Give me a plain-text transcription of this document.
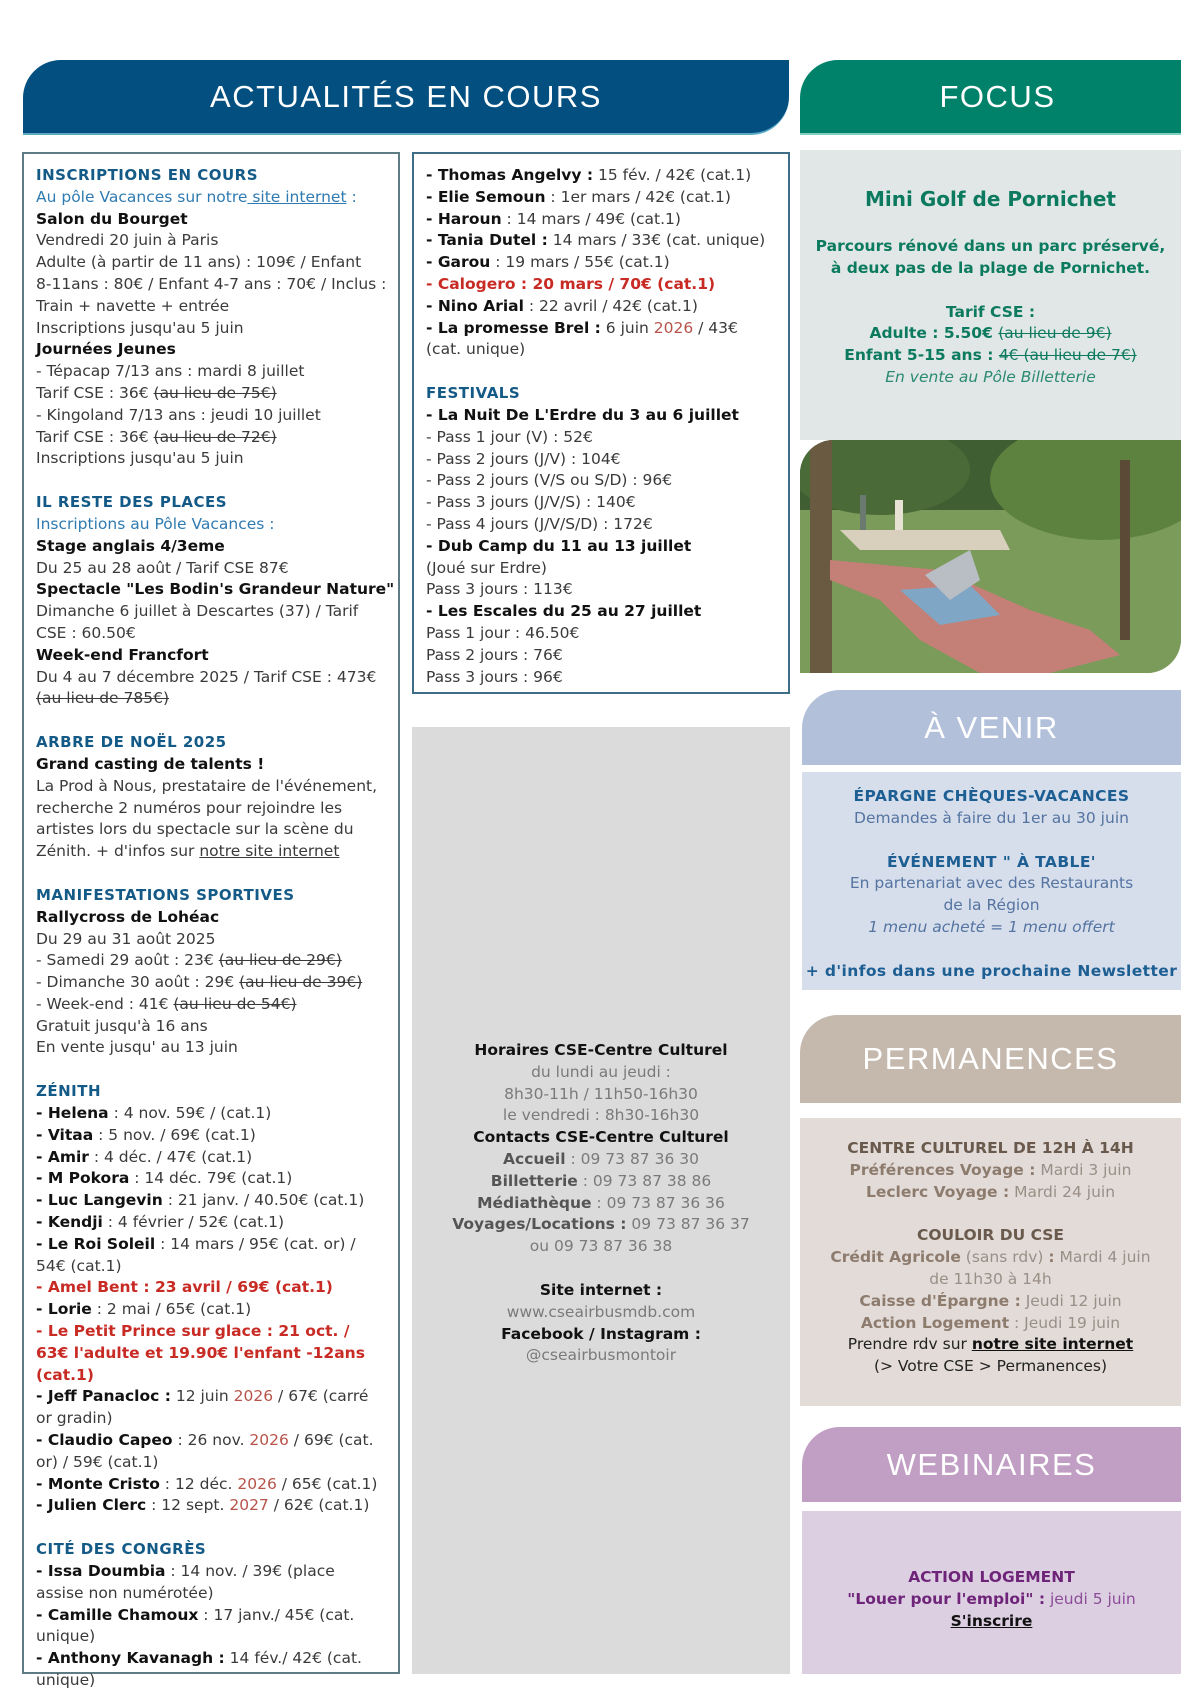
ACTUALITÉS EN COURS	FOCUS
INSCRIPTIONS EN COURS
Au pôle Vacances sur notre site internet :
Salon du Bourget
Vendredi 20 juin à Paris
Adulte (à partir de 11 ans) : 109€ / Enfant
8-11ans : 80€ / Enfant 4-7 ans : 70€ / Inclus :
Train + navette + entrée
Inscriptions jusqu'au 5 juin
Journées Jeunes
- Tépacap 7/13 ans : mardi 8 juillet
Tarif CSE : 36€ (au lieu de 75€)
- Kingoland 7/13 ans : jeudi 10 juillet
Tarif CSE : 36€ (au lieu de 72€)
Inscriptions jusqu'au 5 juin
IL RESTE DES PLACES
Inscriptions au Pôle Vacances :
Stage anglais 4/3eme
Du 25 au 28 août / Tarif CSE 87€
Spectacle "Les Bodin's Grandeur Nature"
Dimanche 6 juillet à Descartes (37) / Tarif
CSE : 60.50€
Week-end Francfort
Du 4 au 7 décembre 2025 / Tarif CSE : 473€
(au lieu de 785€)
ARBRE DE NOËL 2025
Grand casting de talents !
La Prod à Nous, prestataire de l'événement,
recherche 2 numéros pour rejoindre les
artistes lors du spectacle sur la scène du
Zénith. + d'infos sur notre site internet
MANIFESTATIONS SPORTIVES
Rallycross de Lohéac
Du 29 au 31 août 2025
- Samedi 29 août : 23€ (au lieu de 29€)
- Dimanche 30 août : 29€ (au lieu de 39€)
- Week-end : 41€ (au lieu de 54€)
Gratuit jusqu'à 16 ans
En vente jusqu' au 13 juin
ZÉNITH
- Helena : 4 nov. 59€ / (cat.1)
- Vitaa : 5 nov. / 69€ (cat.1)
- Amir : 4 déc. / 47€ (cat.1)
- M Pokora : 14 déc. 79€ (cat.1)
- Luc Langevin : 21 janv. / 40.50€ (cat.1)
- Kendji : 4 février / 52€ (cat.1)
- Le Roi Soleil : 14 mars / 95€ (cat. or) / 54€ (cat.1)
- Amel Bent : 23 avril / 69€ (cat.1)
- Lorie : 2 mai / 65€ (cat.1)
- Le Petit Prince sur glace : 21 oct. / 63€ l'adulte et 19.90€ l'enfant -12ans (cat.1)
- Jeff Panacloc : 12 juin 2026 / 67€ (carré or gradin)
- Claudio Capeo : 26 nov. 2026 / 69€ (cat. or) / 59€ (cat.1)
- Monte Cristo : 12 déc. 2026 / 65€ (cat.1)
- Julien Clerc : 12 sept. 2027 / 62€ (cat.1)
CITÉ DES CONGRÈS
- Issa Doumbia : 14 nov. / 39€ (place assise non numérotée)
- Camille Chamoux : 17 janv./ 45€ (cat. unique)
- Anthony Kavanagh : 14 fév./ 42€ (cat. unique)
- Thomas Angelvy : 15 fév. / 42€ (cat.1)
- Elie Semoun : 1er mars / 42€ (cat.1)
- Haroun : 14 mars / 49€ (cat.1)
- Tania Dutel : 14 mars / 33€ (cat. unique)
- Garou : 19 mars / 55€ (cat.1)
- Calogero : 20 mars / 70€ (cat.1)
- Nino Arial : 22 avril / 42€ (cat.1)
- La promesse Brel : 6 juin 2026 / 43€ (cat. unique)
FESTIVALS
- La Nuit De L'Erdre du 3 au 6 juillet
- Pass 1 jour (V) : 52€
- Pass 2 jours (J/V) : 104€
- Pass 2 jours (V/S ou S/D) : 96€
- Pass 3 jours (J/V/S) : 140€
- Pass 4 jours (J/V/S/D) : 172€
- Dub Camp du 11 au 13 juillet
(Joué sur Erdre)
Pass 3 jours : 113€
- Les Escales du 25 au 27 juillet
Pass 1 jour : 46.50€
Pass 2 jours : 76€
Pass 3 jours : 96€
Horaires CSE-Centre Culturel
du lundi au jeudi :
8h30-11h / 11h50-16h30
le vendredi : 8h30-16h30
Contacts CSE-Centre Culturel
Accueil : 09 73 87 36 30
Billetterie : 09 73 87 38 86
Médiathèque : 09 73 87 36 36
Voyages/Locations : 09 73 87 36 37
ou 09 73 87 36 38
Site internet :
www.cseairbusmdb.com
Facebook / Instagram :
@cseairbusmontoir
Mini Golf de Pornichet
Parcours rénové dans un parc préservé,
à deux pas de la plage de Pornichet.
Tarif CSE :
Adulte : 5.50€ (au lieu de 9€)
Enfant 5-15 ans : 4€ (au lieu de 7€)
En vente au Pôle Billetterie
À VENIR
ÉPARGNE CHÈQUES-VACANCES
Demandes à faire du 1er au 30 juin
ÉVÉNEMENT " À TABLE'
En partenariat avec des Restaurants
de la Région
1 menu acheté = 1 menu offert
+ d'infos dans une prochaine Newsletter
PERMANENCES
CENTRE CULTUREL DE 12H À 14H
Préférences Voyage : Mardi 3 juin
Leclerc Voyage : Mardi 24 juin
COULOIR DU CSE
Crédit Agricole (sans rdv) : Mardi 4 juin
de 11h30 à 14h
Caisse d'Épargne : Jeudi 12 juin
Action Logement : Jeudi 19 juin
Prendre rdv sur notre site internet
(> Votre CSE > Permanences)
WEBINAIRES
ACTION LOGEMENT
"Louer pour l'emploi" : jeudi 5 juin
S'inscrire
